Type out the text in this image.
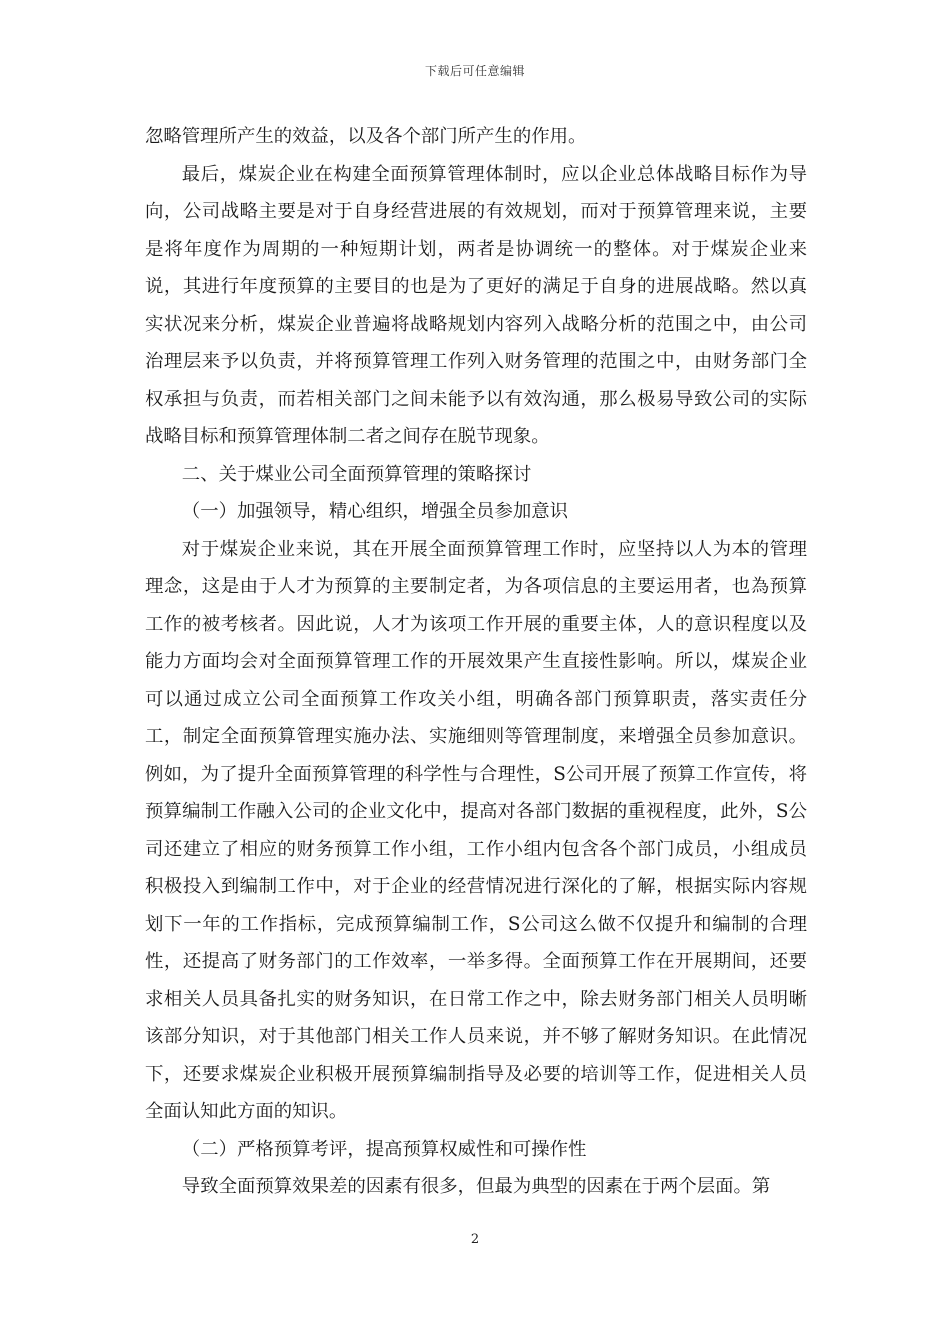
下载后可任意编辑

忽略管理所产生的效益，以及各个部门所产生的作用。

最后，煤炭企业在构建全面预算管理体制时，应以企业总体战略目标作为导向，公司战略主要是对于自身经营进展的有效规划，而对于预算管理来说，主要是将年度作为周期的一种短期计划，两者是协调统一的整体。对于煤炭企业来说，其进行年度预算的主要目的也是为了更好的满足于自身的进展战略。然以真实状况来分析，煤炭企业普遍将战略规划内容列入战略分析的范围之中，由公司治理层来予以负责，并将预算管理工作列入财务管理的范围之中，由财务部门全权承担与负责，而若相关部门之间未能予以有效沟通，那么极易导致公司的实际战略目标和预算管理体制二者之间存在脱节现象。

二、关于煤业公司全面预算管理的策略探讨

（一）加强领导，精心组织，增强全员参加意识

对于煤炭企业来说，其在开展全面预算管理工作时，应坚持以人为本的管理理念，这是由于人才为预算的主要制定者，为各项信息的主要运用者，也為预算工作的被考核者。因此说，人才为该项工作开展的重要主体，人的意识程度以及能力方面均会对全面预算管理工作的开展效果产生直接性影响。所以，煤炭企业可以通过成立公司全面预算工作攻关小组，明确各部门预算职责，落实责任分工，制定全面预算管理实施办法、实施细则等管理制度，来增强全员参加意识。例如，为了提升全面预算管理的科学性与合理性，S公司开展了预算工作宣传，将预算编制工作融入公司的企业文化中，提高对各部门数据的重视程度，此外，S公司还建立了相应的财务预算工作小组，工作小组内包含各个部门成员，小组成员积极投入到编制工作中，对于企业的经营情况进行深化的了解，根据实际内容规划下一年的工作指标，完成预算编制工作，S公司这么做不仅提升和编制的合理性，还提高了财务部门的工作效率，一举多得。全面预算工作在开展期间，还要求相关人员具备扎实的财务知识，在日常工作之中，除去财务部门相关人员明晰该部分知识，对于其他部门相关工作人员来说，并不够了解财务知识。在此情况下，还要求煤炭企业积极开展预算编制指导及必要的培训等工作，促进相关人员全面认知此方面的知识。

（二）严格预算考评，提高预算权威性和可操作性

导致全面预算效果差的因素有很多，但最为典型的因素在于两个层面。第

2
